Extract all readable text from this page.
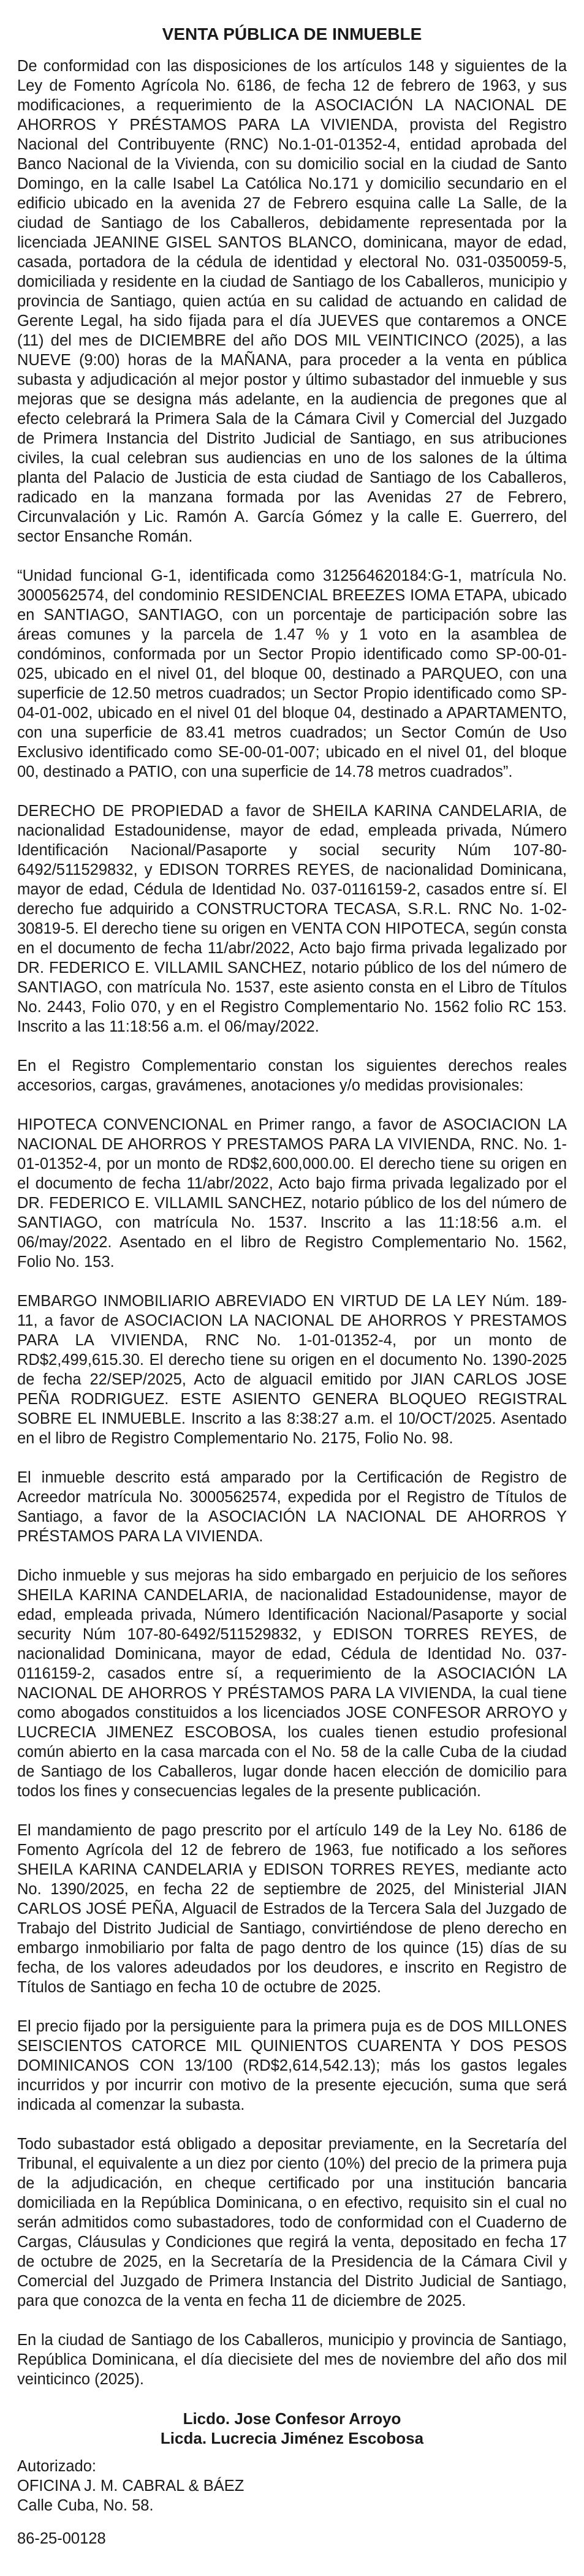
VENTA PÚBLICA DE INMUEBLE

De conformidad con las disposiciones de los artículos 148 y siguientes de la Ley de Fomento Agrícola No. 6186, de fecha 12 de febrero de 1963, y sus modificaciones, a requerimiento de la ASOCIACIÓN LA NACIONAL DE AHORROS Y PRÉSTAMOS PARA LA VIVIENDA, provista del Registro Nacional del Contribuyente (RNC) No.1-01-01352-4, entidad aprobada del Banco Nacional de la Vivienda, con su domicilio social en la ciudad de Santo Domingo, en la calle Isabel La Católica No.171 y domicilio secundario en el edificio ubicado en la avenida 27 de Febrero esquina calle La Salle, de la ciudad de Santiago de los Caballeros, debidamente representada por la licenciada JEANINE GISEL SANTOS BLANCO, dominicana, mayor de edad, casada, portadora de la cédula de identidad y electoral No. 031-0350059-5, domiciliada y residente en la ciudad de Santiago de los Caballeros, municipio y provincia de Santiago, quien actúa en su calidad de actuando en calidad de Gerente Legal, ha sido fijada para el día JUEVES que contaremos a ONCE (11) del mes de DICIEMBRE del año DOS MIL VEINTICINCO (2025), a las NUEVE (9:00) horas de la MAÑANA, para proceder a la venta en pública subasta y adjudicación al mejor postor y último subastador del inmueble y sus mejoras que se designa más adelante, en la audiencia de pregones que al efecto celebrará la Primera Sala de la Cámara Civil y Comercial del Juzgado de Primera Instancia del Distrito Judicial de Santiago, en sus atribuciones civiles, la cual celebran sus audiencias en uno de los salones de la última planta del Palacio de Justicia de esta ciudad de Santiago de los Caballeros, radicado en la manzana formada por las Avenidas 27 de Febrero, Circunvalación y Lic. Ramón A. García Gómez y la calle E. Guerrero, del sector Ensanche Román.

“Unidad funcional G-1, identificada como 312564620184:G-1, matrícula No. 3000562574, del condominio RESIDENCIAL BREEZES IOMA ETAPA, ubicado en SANTIAGO, SANTIAGO, con un porcentaje de participación sobre las áreas comunes y la parcela de 1.47 % y 1 voto en la asamblea de condóminos, conformada por un Sector Propio identificado como SP-00-01-025, ubicado en el nivel 01, del bloque 00, destinado a PARQUEO, con una superficie de 12.50 metros cuadrados; un Sector Propio identificado como SP-04-01-002, ubicado en el nivel 01 del bloque 04, destinado a APARTAMENTO, con una superficie de 83.41 metros cuadrados; un Sector Común de Uso Exclusivo identificado como SE-00-01-007; ubicado en el nivel 01, del bloque 00, destinado a PATIO, con una superficie de 14.78 metros cuadrados”.

DERECHO DE PROPIEDAD a favor de SHEILA KARINA CANDELARIA, de nacionalidad Estadounidense, mayor de edad, empleada privada, Número Identificación Nacional/Pasaporte y social security Núm 107-80-6492/511529832, y EDISON TORRES REYES, de nacionalidad Dominicana, mayor de edad, Cédula de Identidad No. 037-0116159-2, casados entre sí. El derecho fue adquirido a CONSTRUCTORA TECASA, S.R.L. RNC No. 1-02-30819-5. El derecho tiene su origen en VENTA CON HIPOTECA, según consta en el documento de fecha 11/abr/2022, Acto bajo firma privada legalizado por DR. FEDERICO E. VILLAMIL SANCHEZ, notario público de los del número de SANTIAGO, con matrícula No. 1537, este asiento consta en el Libro de Títulos No. 2443, Folio 070, y en el Registro Complementario No. 1562 folio RC 153. Inscrito a las 11:18:56 a.m. el 06/may/2022.

En el Registro Complementario constan los siguientes derechos reales accesorios, cargas, gravámenes, anotaciones y/o medidas provisionales:

HIPOTECA CONVENCIONAL en Primer rango, a favor de ASOCIACION LA NACIONAL DE AHORROS Y PRESTAMOS PARA LA VIVIENDA, RNC. No. 1-01-01352-4, por un monto de RD$2,600,000.00. El derecho tiene su origen en el documento de fecha 11/abr/2022, Acto bajo firma privada legalizado por el DR. FEDERICO E. VILLAMIL SANCHEZ, notario público de los del número de SANTIAGO, con matrícula No. 1537. Inscrito a las 11:18:56 a.m. el 06/may/2022. Asentado en el libro de Registro Complementario No. 1562, Folio No. 153.

EMBARGO INMOBILIARIO ABREVIADO EN VIRTUD DE LA LEY Núm. 189-11, a favor de ASOCIACION LA NACIONAL DE AHORROS Y PRESTAMOS PARA LA VIVIENDA, RNC No. 1-01-01352-4, por un monto de RD$2,499,615.30. El derecho tiene su origen en el documento No. 1390-2025 de fecha 22/SEP/2025, Acto de alguacil emitido por JIAN CARLOS JOSE PEÑA RODRIGUEZ. ESTE ASIENTO GENERA BLOQUEO REGISTRAL SOBRE EL INMUEBLE. Inscrito a las 8:38:27 a.m. el 10/OCT/2025. Asentado en el libro de Registro Complementario No. 2175, Folio No. 98.

El inmueble descrito está amparado por la Certificación de Registro de Acreedor matrícula No. 3000562574, expedida por el Registro de Títulos de Santiago, a favor de la ASOCIACIÓN LA NACIONAL DE AHORROS Y PRÉSTAMOS PARA LA VIVIENDA.

Dicho inmueble y sus mejoras ha sido embargado en perjuicio de los señores SHEILA KARINA CANDELARIA, de nacionalidad Estadounidense, mayor de edad, empleada privada, Número Identificación Nacional/Pasaporte y social security Núm 107-80-6492/511529832, y EDISON TORRES REYES, de nacionalidad Dominicana, mayor de edad, Cédula de Identidad No. 037-0116159-2, casados entre sí, a requerimiento de la ASOCIACIÓN LA NACIONAL DE AHORROS Y PRÉSTAMOS PARA LA VIVIENDA, la cual tiene como abogados constituidos a los licenciados JOSE CONFESOR ARROYO y LUCRECIA JIMENEZ ESCOBOSA, los cuales tienen estudio profesional común abierto en la casa marcada con el No. 58 de la calle Cuba de la ciudad de Santiago de los Caballeros, lugar donde hacen elección de domicilio para todos los fines y consecuencias legales de la presente publicación.

El mandamiento de pago prescrito por el artículo 149 de la Ley No. 6186 de Fomento Agrícola del 12 de febrero de 1963, fue notificado a los señores SHEILA KARINA CANDELARIA y EDISON TORRES REYES, mediante acto No. 1390/2025, en fecha 22 de septiembre de 2025, del Ministerial JIAN CARLOS JOSÉ PEÑA, Alguacil de Estrados de la Tercera Sala del Juzgado de Trabajo del Distrito Judicial de Santiago, convirtiéndose de pleno derecho en embargo inmobiliario por falta de pago dentro de los quince (15) días de su fecha, de los valores adeudados por los deudores, e inscrito en Registro de Títulos de Santiago en fecha 10 de octubre de 2025.

El precio fijado por la persiguiente para la primera puja es de DOS MILLONES SEISCIENTOS CATORCE MIL QUINIENTOS CUARENTA Y DOS PESOS DOMINICANOS CON 13/100 (RD$2,614,542.13); más los gastos legales incurridos y por incurrir con motivo de la presente ejecución, suma que será indicada al comenzar la subasta.

Todo subastador está obligado a depositar previamente, en la Secretaría del Tribunal, el equivalente a un diez por ciento (10%) del precio de la primera puja de la adjudicación, en cheque certificado por una institución bancaria domiciliada en la República Dominicana, o en efectivo, requisito sin el cual no serán admitidos como subastadores, todo de conformidad con el Cuaderno de Cargas, Cláusulas y Condiciones que regirá la venta, depositado en fecha 17 de octubre de 2025, en la Secretaría de la Presidencia de la Cámara Civil y Comercial del Juzgado de Primera Instancia del Distrito Judicial de Santiago, para que conozca de la venta en fecha 11 de diciembre de 2025.

En la ciudad de Santiago de los Caballeros, municipio y provincia de Santiago, República Dominicana, el día diecisiete del mes de noviembre del año dos mil veinticinco (2025).

Licdo. Jose Confesor Arroyo

Licda. Lucrecia Jiménez Escobosa

Autorizado:

OFICINA J. M. CABRAL & BÁEZ

Calle Cuba, No. 58.

86-25-00128
